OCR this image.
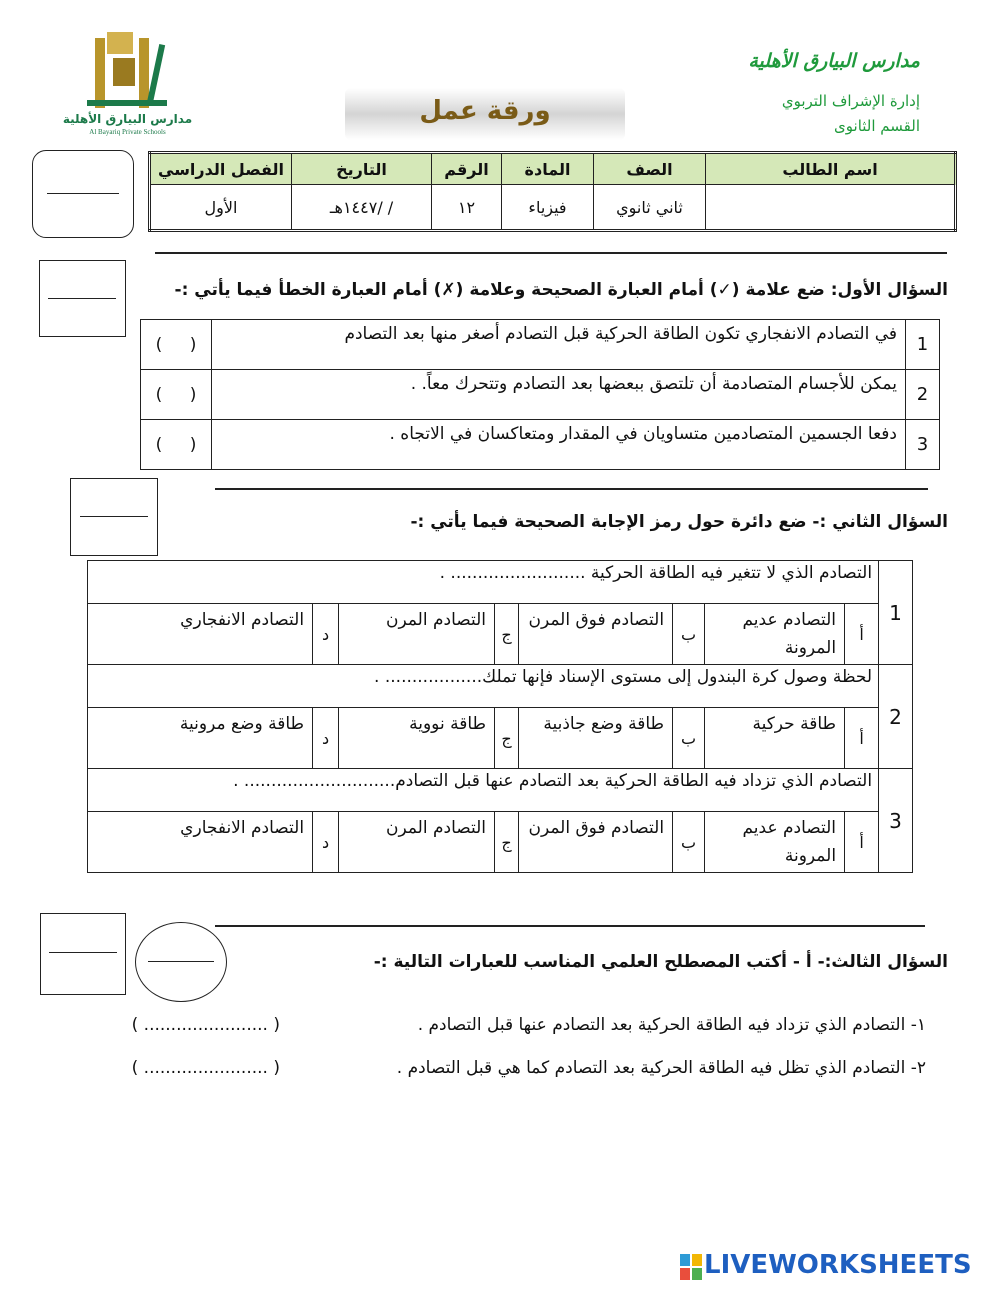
مدارس البيارق الأهلية
إدارة الإشراف التربوي
القسم الثانوى
مدارس البيارق الأهلية
Al Bayariq Private Schools
ورقة عمل
اسم الطالب	الصف	المادة	الرقم	التاريخ	الفصل الدراسي
	ثاني ثانوي	فيزياء	١٢	/ /١٤٤٧هـ	الأول
السؤال الأول: ضع علامة (✓) أمام العبارة الصحيحة وعلامة (✗) أمام العبارة الخطأ فيما يأتي :-
1	في التصادم الانفجاري تكون الطاقة الحركية قبل التصادم أصغر منها بعد التصادم	( )
2	يمكن للأجسام المتصادمة أن تلتصق ببعضها بعد التصادم وتتحرك معاً. .	( )
3	دفعا الجسمين المتصادمين متساويان في المقدار ومتعاكسان في الاتجاه .	( )
السؤال الثاني :- ضع دائرة حول رمز الإجابة الصحيحة فيما يأتي :-
1	التصادم الذي لا تتغير فيه الطاقة الحركية ......................... .							
	أ	التصادم عديم المرونة	ب	التصادم فوق المرن	ج	التصادم المرن	د	التصادم الانفجاري
2	لحظة وصول كرة البندول إلى مستوى الإسناد فإنها تملك.................. .							
	أ	طاقة حركية	ب	طاقة وضع جاذبية	ج	طاقة نووية	د	طاقة وضع مرونية
3	التصادم الذي تزداد فيه الطاقة الحركية بعد التصادم عنها قبل التصادم............................ .							
	أ	التصادم عديم المرونة	ب	التصادم فوق المرن	ج	التصادم المرن	د	التصادم الانفجاري
السؤال الثالث:- أ - أكتب المصطلح العلمي المناسب للعبارات التالية :-
١- التصادم الذي تزداد فيه الطاقة الحركية بعد التصادم عنها قبل التصادم .
( ....................... )
٢- التصادم الذي تظل فيه الطاقة الحركية بعد التصادم كما هي قبل التصادم .
( ....................... )
LIVEWORKSHEETS
